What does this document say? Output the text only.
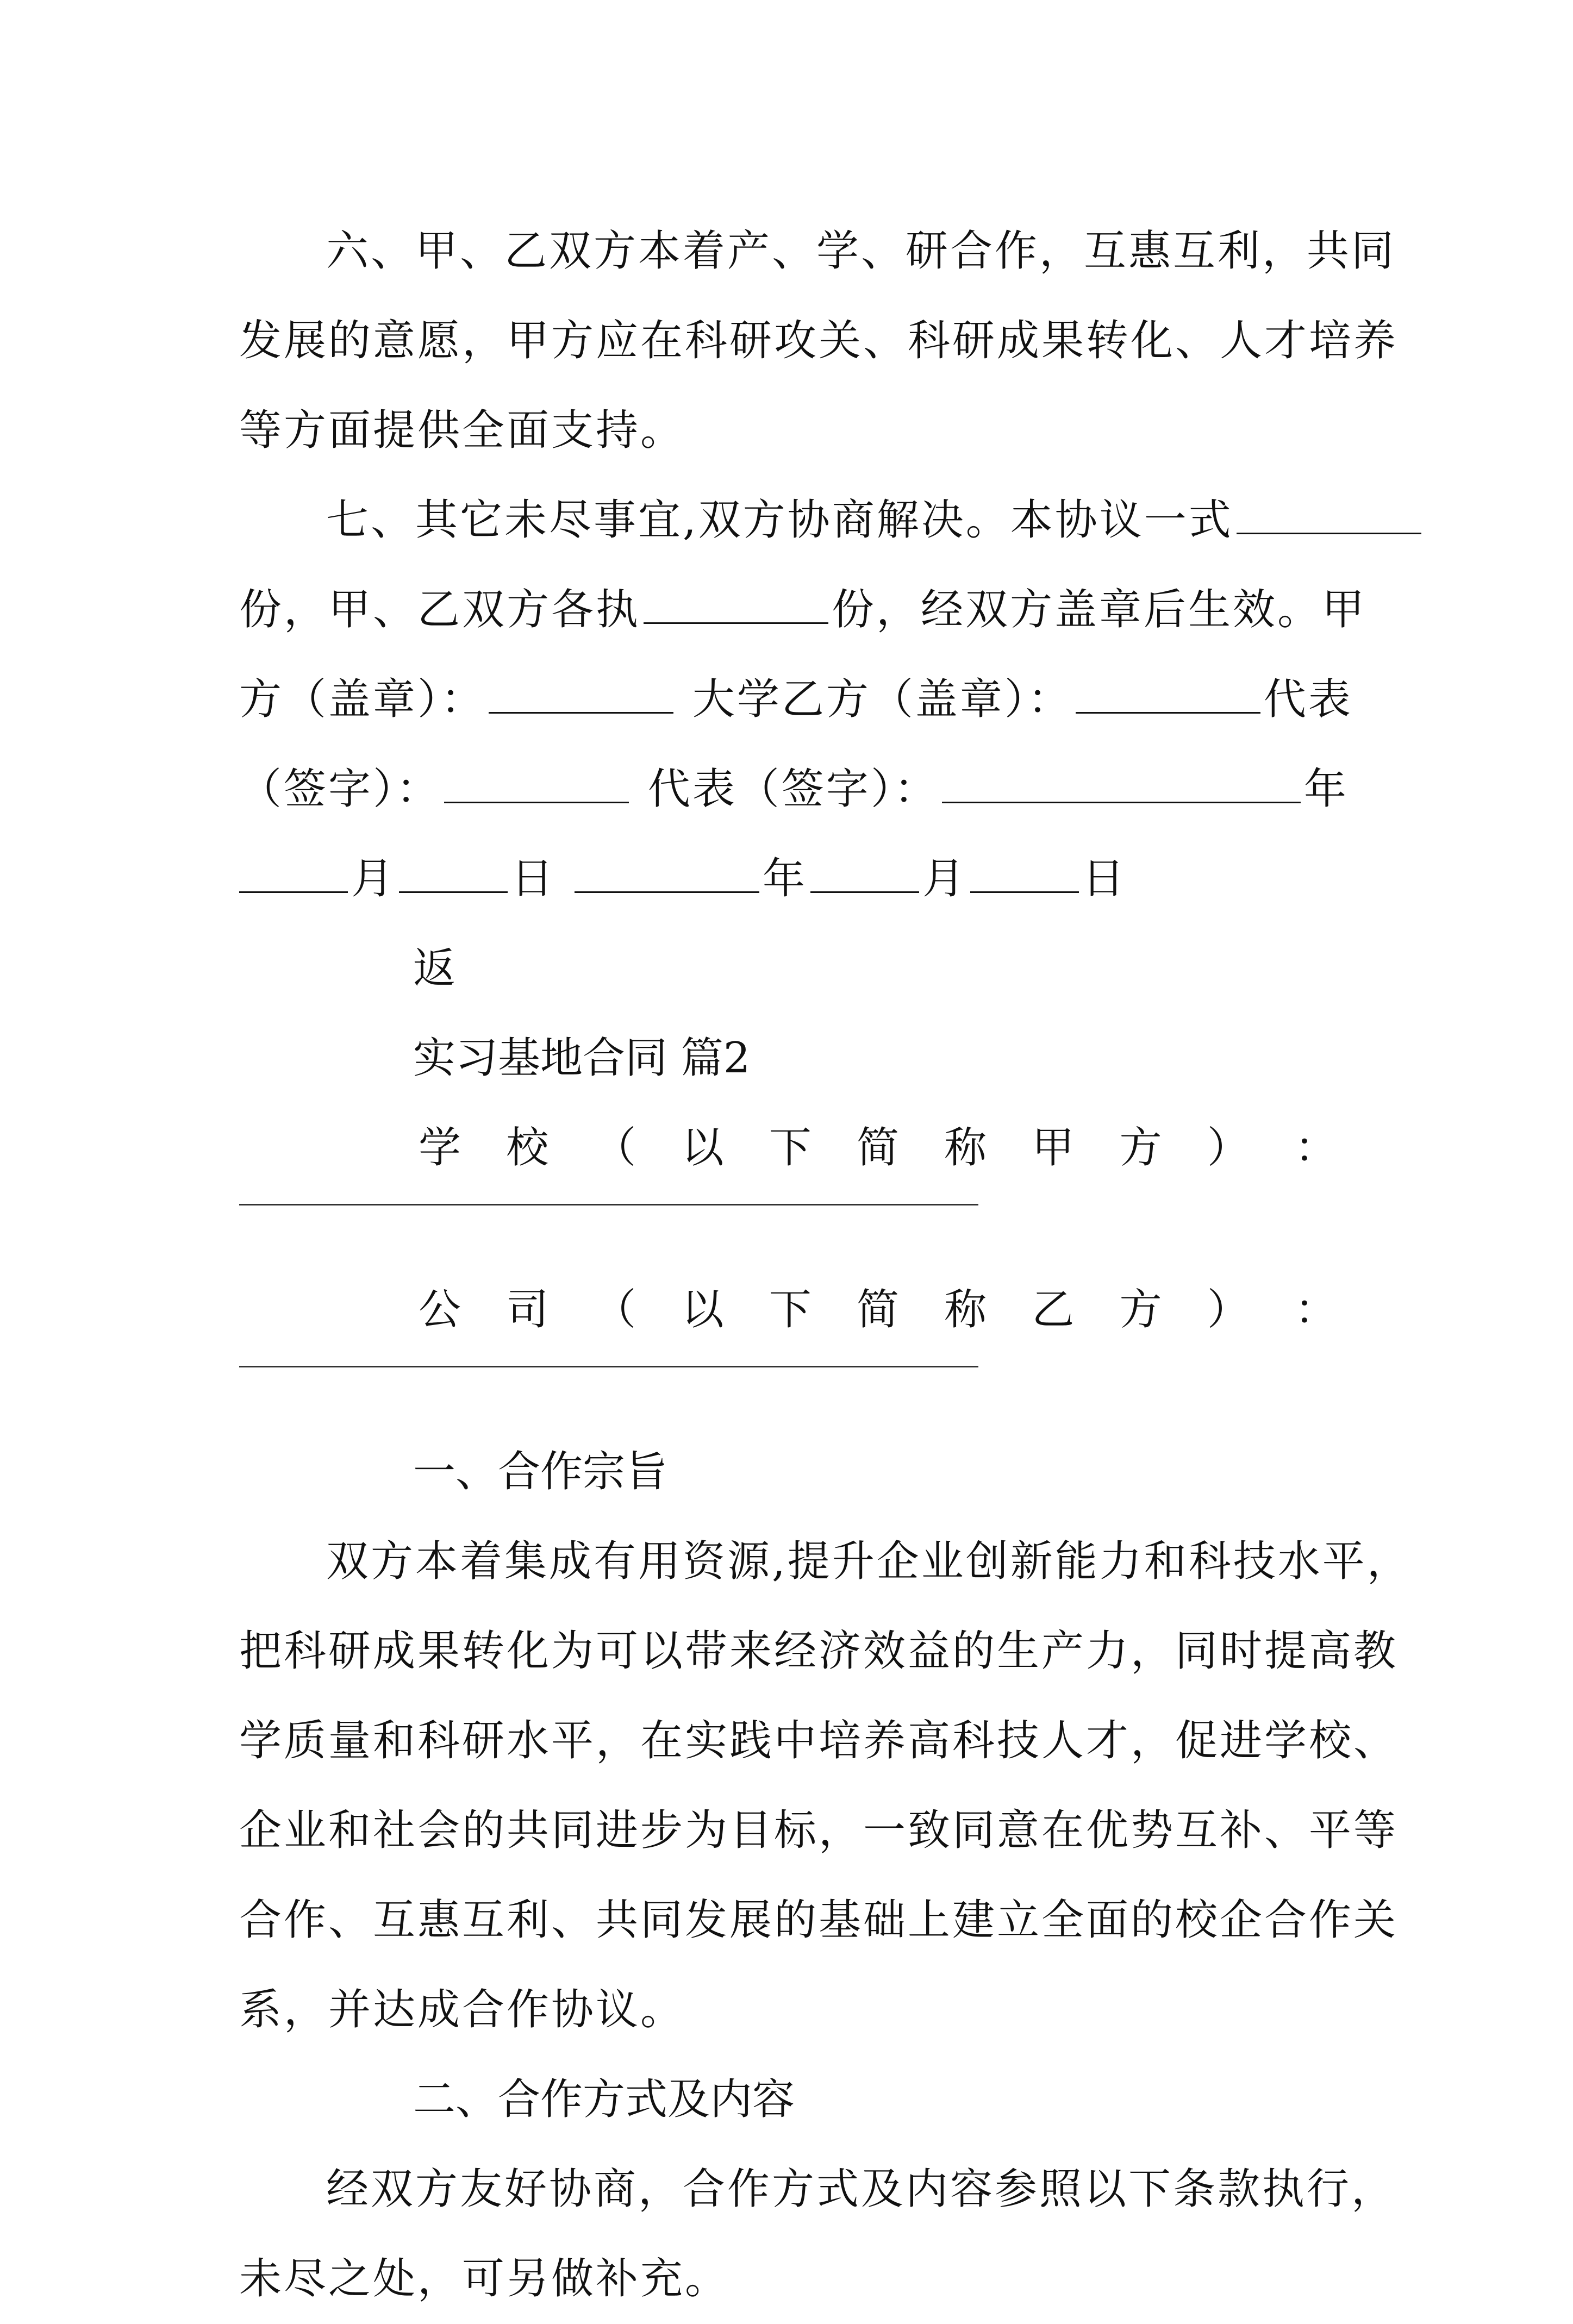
六、甲、乙双方本着产、学、研合作，互惠互利，共同
发展的意愿，甲方应在科研攻关、科研成果转化、人才培养
等方面提供全面支持。

七、其它未尽事宜,双方协商解决。本协议一式
份，甲、乙双方各执	份，经双方盖章后生效。甲
方（盖章）：	大学乙方（盖章）：	代表
（签字）：	代表（签字）：	年
月	日	年	月	日

返

实习基地合同 篇2

学 校 （ 以 下 简 称 甲 方 ） ：
公 司 （ 以 下 简 称 乙 方 ） ：

一、合作宗旨

双方本着集成有用资源,提升企业创新能力和科技水平，
把科研成果转化为可以带来经济效益的生产力，同时提高教
学质量和科研水平，在实践中培养高科技人才，促进学校、
企业和社会的共同进步为目标，一致同意在优势互补、平等
合作、互惠互利、共同发展的基础上建立全面的校企合作关
系，并达成合作协议。

二、合作方式及内容

经双方友好协商，合作方式及内容参照以下条款执行，
未尽之处，可另做补充。
